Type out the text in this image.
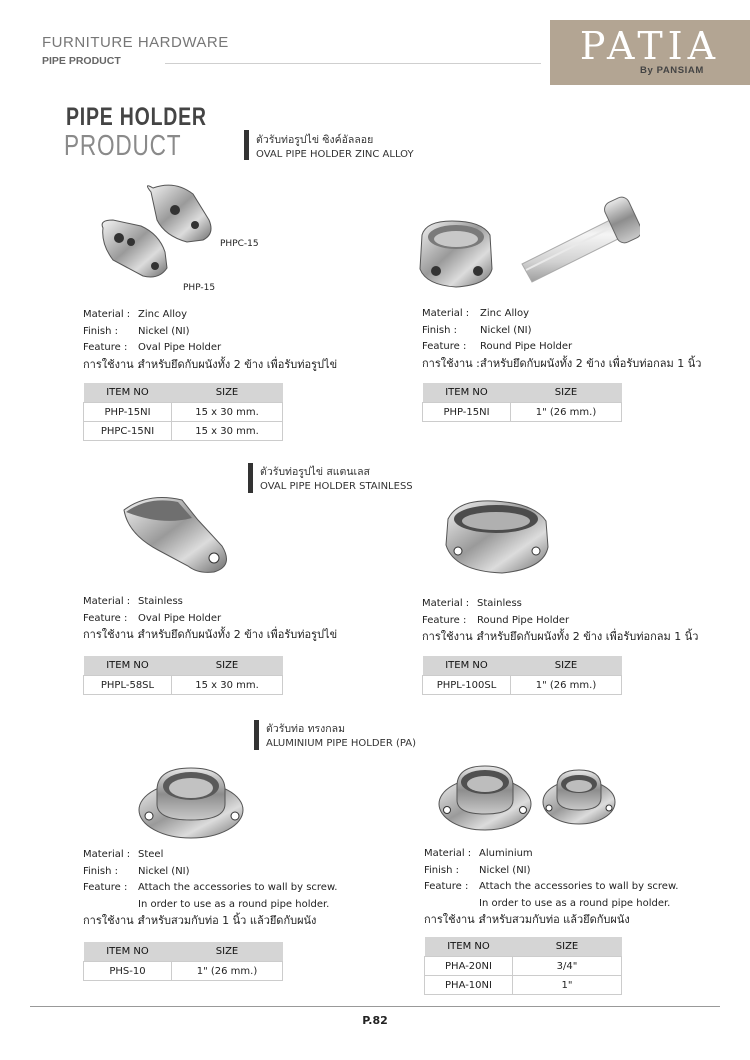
FURNITURE HARDWARE
PIPE PRODUCT	PATIA
By PANSIAM
PIPE HOLDER
PRODUCT	ตัวรับท่อรูปไข่ ซิงค์อัลลอย
OVAL PIPE HOLDER ZINC ALLOY
ตัวรับท่อรูปไข่ สแตนเลส
OVAL PIPE HOLDER STAINLESS
ตัวรับท่อ ทรงกลม
ALUMINIUM PIPE HOLDER (PA)
PHPC-15
PHP-15
Material : Zinc Alloy
Finish : Nickel (NI)
Feature : Oval Pipe Holder
การใช้งาน :
สำหรับยึดกับผนังทั้ง 2 ข้าง เพื่อรับท่อรูปไข่
ITEM NO	SIZE
PHP-15NI	15 x 30 mm.
PHPC-15NI	15 x 30 mm.
Material : Zinc Alloy
Finish : Nickel (NI)
Feature : Round Pipe Holder
การใช้งาน : สำหรับยึดกับผนังทั้ง 2 ข้าง เพื่อรับท่อกลม 1 นิ้ว
ITEM NO	SIZE
PHP-15NI	1" (26 mm.)
Material : Stainless
Feature : Oval Pipe Holder
การใช้งาน :
สำหรับยึดกับผนังทั้ง 2 ข้าง เพื่อรับท่อรูปไข่
ITEM NO	SIZE
PHPL-58SL	15 x 30 mm.
Material : Stainless
Feature : Round Pipe Holder
การใช้งาน :
สำหรับยึดกับผนังทั้ง 2 ข้าง เพื่อรับท่อกลม 1 นิ้ว
ITEM NO	SIZE
PHPL-100SL	1" (26 mm.)
Material : Steel
Finish : Nickel (NI)
Feature : Attach the accessories to wall by screw.
In order to use as a round pipe holder.
การใช้งาน :
สำหรับสวมกับท่อ 1 นิ้ว แล้วยึดกับผนัง
ITEM NO	SIZE
PHS-10	1" (26 mm.)
Material : Aluminium
Finish : Nickel (NI)
Feature : Attach the accessories to wall by screw.
In order to use as a round pipe holder.
การใช้งาน :
สำหรับสวมกับท่อ แล้วยึดกับผนัง
ITEM NO	SIZE
PHA-20NI	3/4"
PHA-10NI	1"
P.82
